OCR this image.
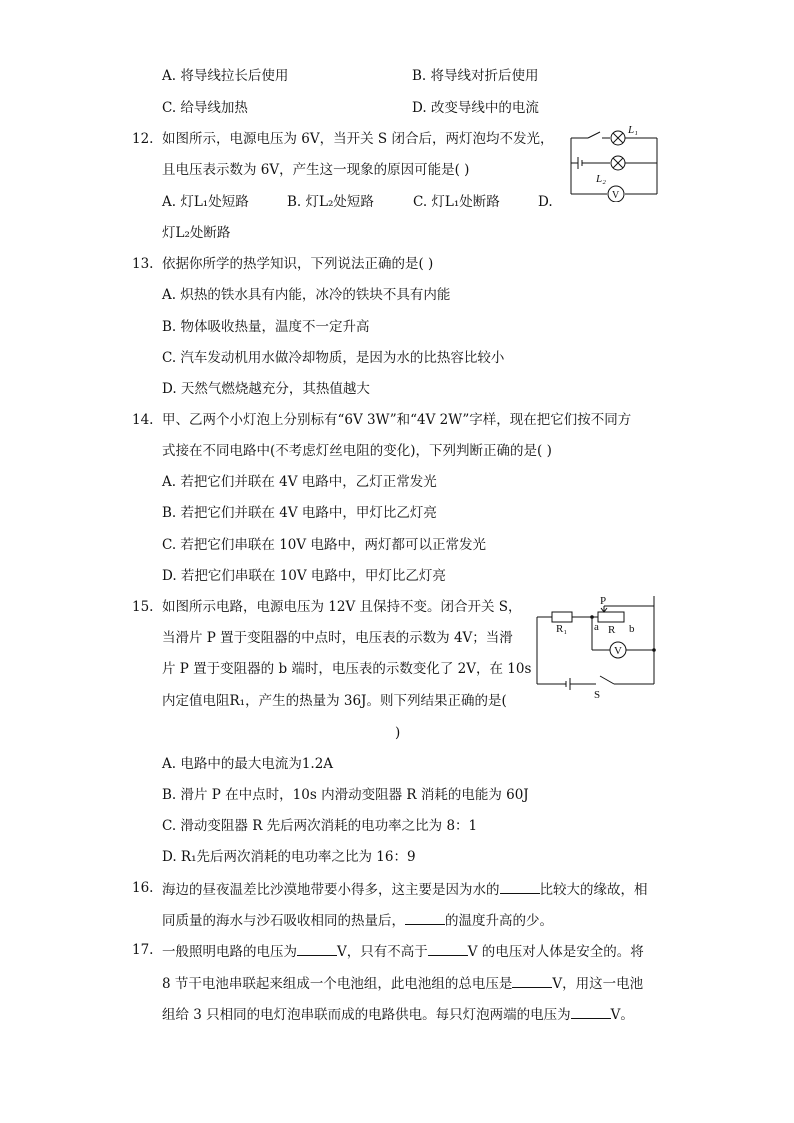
A. 将导线拉长后使用	B. 将导线对折后使用
C. 给导线加热	D. 改变导线中的电流
12. 如图所示，电源电压为 6V，当开关 S 闭合后，两灯泡均不发光，
且电压表示数为 6V，产生这一现象的原因可能是( )
A. 灯L₁处短路	B. 灯L₂处短路	C. 灯L₁处断路	D.
灯L₂处断路
L₁
L₂
V
13. 依据你所学的热学知识，下列说法正确的是( )
A. 炽热的铁水具有内能，冰冷的铁块不具有内能
B. 物体吸收热量，温度不一定升高
C. 汽车发动机用水做冷却物质，是因为水的比热容比较小
D. 天然气燃烧越充分，其热值越大
14. 甲、乙两个小灯泡上分别标有“6V 3W”和“4V 2W”字样，现在把它们按不同方
式接在不同电路中(不考虑灯丝电阻的变化)，下列判断正确的是( )
A. 若把它们并联在 4V 电路中，乙灯正常发光
B. 若把它们并联在 4V 电路中，甲灯比乙灯亮
C. 若把它们串联在 10V 电路中，两灯都可以正常发光
D. 若把它们串联在 10V 电路中，甲灯比乙灯亮
15. 如图所示电路，电源电压为 12V 且保持不变。闭合开关 S，
当滑片 P 置于变阻器的中点时，电压表的示数为 4V；当滑
片 P 置于变阻器的 b 端时，电压表的示数变化了 2V，在 10s
内定值电阻R₁，产生的热量为 36J。则下列结果正确的是(
)
A. 电路中的最大电流为1.2A
B. 滑片 P 在中点时，10s 内滑动变阻器 R 消耗的电能为 60J
C. 滑动变阻器 R 先后两次消耗的电功率之比为 8：1
D. R₁先后两次消耗的电功率之比为 16：9
P
R₁ a R b
V
S
16. 海边的昼夜温差比沙漠地带要小得多，这主要是因为水的	比较大的缘故，相
同质量的海水与沙石吸收相同的热量后，	的温度升高的少。
17. 一般照明电路的电压为	V，只有不高于	V 的电压对人体是安全的。将
8 节干电池串联起来组成一个电池组，此电池组的总电压是	V，用这一电池
组给 3 只相同的电灯泡串联而成的电路供电。每只灯泡两端的电压为	V。
